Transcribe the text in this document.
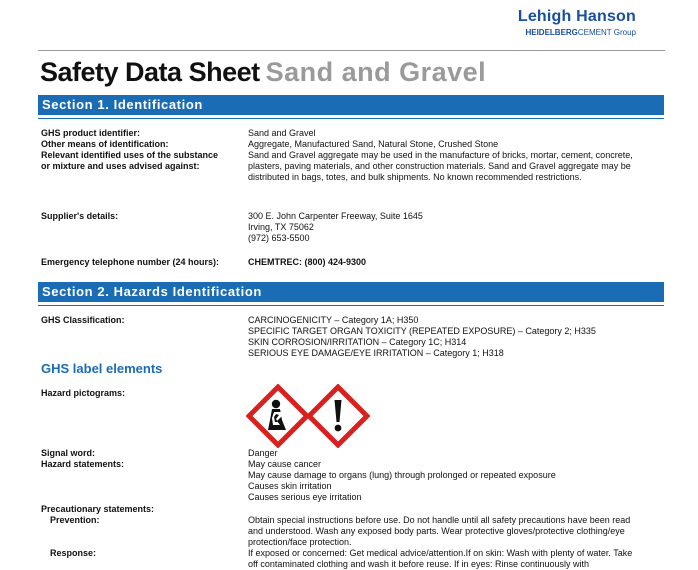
Lehigh Hanson
HEIDELBERGCEMENT Group
Safety Data Sheet Sand and Gravel
Section 1. Identification
GHS product identifier:	Sand and Gravel
Other means of identification:	Aggregate, Manufactured Sand, Natural Stone, Crushed Stone
Relevant identified uses of the substance
or mixture and uses advised against:
Sand and Gravel aggregate may be used in the manufacture of bricks, mortar, cement, concrete, plasters, paving materials, and other construction materials. Sand and Gravel aggregate may be distributed in bags, totes, and bulk shipments. No known recommended restrictions.
Supplier's details:	300 E. John Carpenter Freeway, Suite 1645
Irving, TX 75062
(972) 653-5500
Emergency telephone number (24 hours):	CHEMTREC: (800) 424-9300
Section 2. Hazards Identification
GHS Classification:	CARCINOGENICITY – Category 1A; H350
SPECIFIC TARGET ORGAN TOXICITY (REPEATED EXPOSURE) – Category 2; H335
SKIN CORROSION/IRRITATION – Category 1C; H314
SERIOUS EYE DAMAGE/EYE IRRITATION – Category 1; H318
GHS label elements
Hazard pictograms:
Signal word:	Danger
Hazard statements:	May cause cancer
May cause damage to organs (lung) through prolonged or repeated exposure
Causes skin irritation
Causes serious eye irritation
Precautionary statements:
Prevention:	Obtain special instructions before use. Do not handle until all safety precautions have been read and understood. Wash any exposed body parts. Wear protective gloves/protective clothing/eye protection/face protection.
Response:	If exposed or concerned: Get medical advice/attention.If on skin: Wash with plenty of water. Take off contaminated clothing and wash it before reuse. If in eyes: Rinse continuously with
